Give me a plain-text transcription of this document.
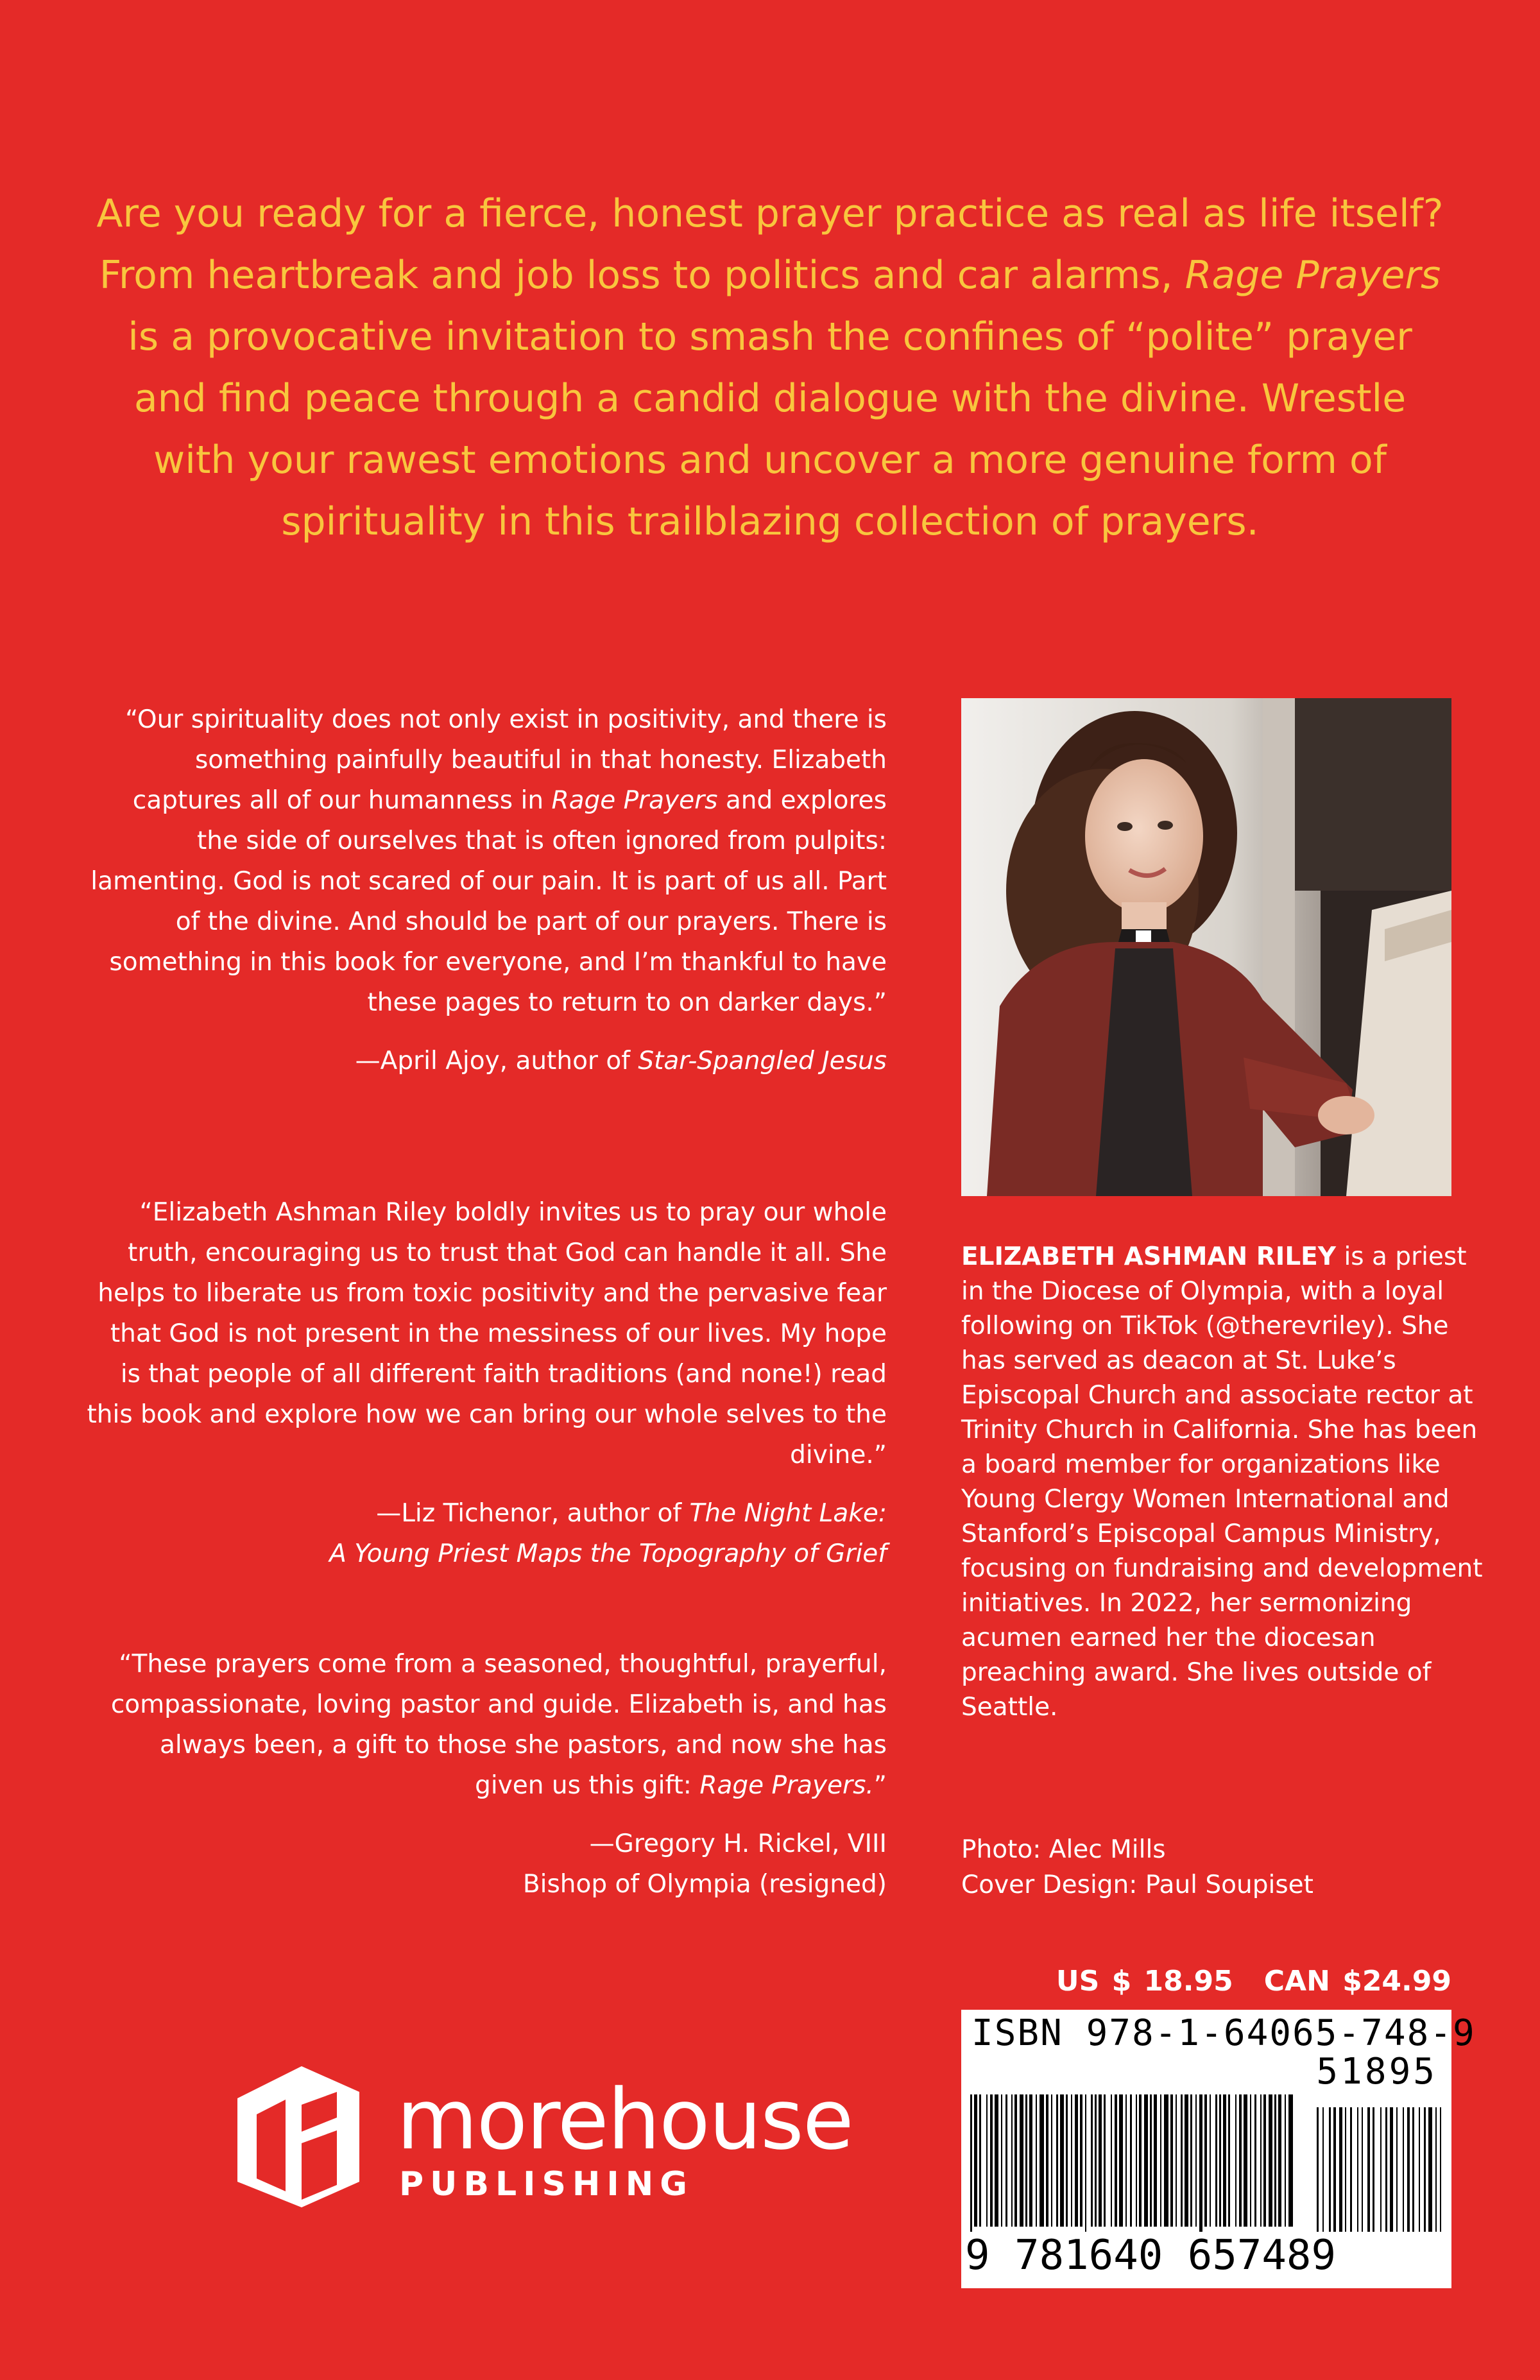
Are you ready for a fierce, honest prayer practice as real as life itself? From heartbreak and job loss to politics and car alarms, Rage Prayers is a provocative invitation to smash the confines of “polite” prayer and find peace through a candid dialogue with the divine. Wrestle with your rawest emotions and uncover a more genuine form of spirituality in this trailblazing collection of prayers.

“Our spirituality does not only exist in positivity, and there is something painfully beautiful in that honesty. Elizabeth captures all of our humanness in Rage Prayers and explores the side of ourselves that is often ignored from pulpits: lamenting. God is not scared of our pain. It is part of us all. Part of the divine. And should be part of our prayers. There is something in this book for everyone, and I’m thankful to have these pages to return to on darker days.”

—April Ajoy, author of Star-Spangled Jesus

“Elizabeth Ashman Riley boldly invites us to pray our whole truth, encouraging us to trust that God can handle it all. She helps to liberate us from toxic positivity and the pervasive fear that God is not present in the messiness of our lives. My hope is that people of all different faith traditions (and none!) read this book and explore how we can bring our whole selves to the divine.”

—Liz Tichenor, author of The Night Lake:
A Young Priest Maps the Topography of Grief

“These prayers come from a seasoned, thoughtful, prayerful, compassionate, loving pastor and guide. Elizabeth is, and has always been, a gift to those she pastors, and now she has given us this gift: Rage Prayers.”

—Gregory H. Rickel, VIII
Bishop of Olympia (resigned)

ELIZABETH ASHMAN RILEY is a priest in the Diocese of Olympia, with a loyal following on TikTok (@therevriley). She has served as deacon at St. Luke’s Episcopal Church and associate rector at Trinity Church in California. She has been a board member for organizations like Young Clergy Women International and Stanford’s Episcopal Campus Ministry, focusing on fundraising and development initiatives. In 2022, her sermonizing acumen earned her the diocesan preaching award. She lives outside of Seattle.

Photo: Alec Mills
Cover Design: Paul Soupiset
US $ 18.95 CAN $24.99
ISBN 978-1-64065-748-9
51895
9 781640 657489
morehouse
PUBLISHING
